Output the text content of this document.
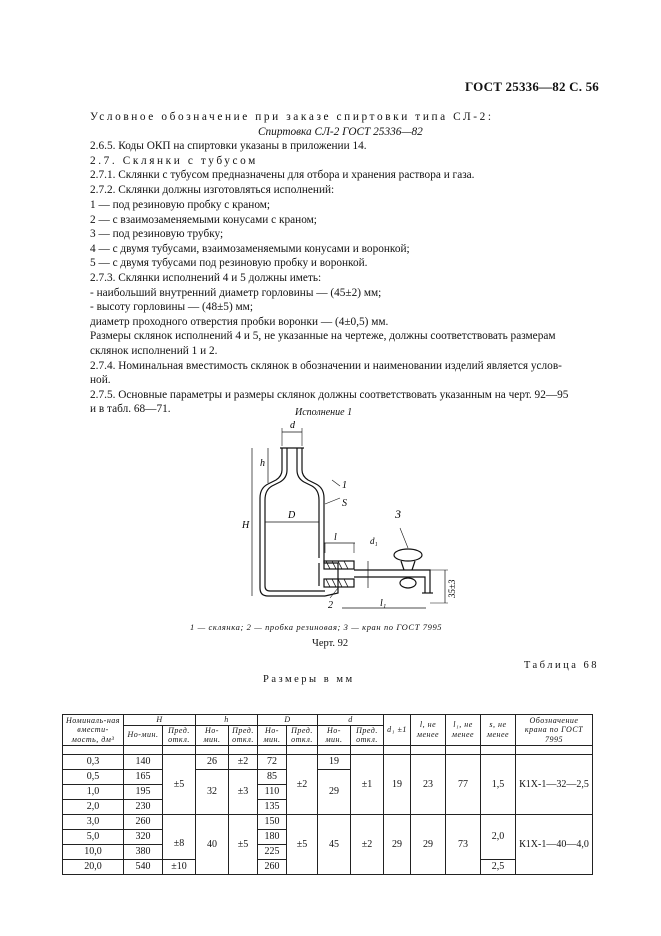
ГОСТ 25336—82 С. 56
Условное обозначение при заказе спиртовки типа СЛ-2:
Спиртовка СЛ-2 ГОСТ 25336—82
2.6.5. Коды ОКП на спиртовки указаны в приложении 14.
2.7. Склянки с тубусом
2.7.1. Склянки с тубусом предназначены для отбора и хранения раствора и газа.
2.7.2. Склянки должны изготовляться исполнений:
1 — под резиновую пробку с краном;
2 — с взаимозаменяемыми конусами с краном;
3 — под резиновую трубку;
4 — с двумя тубусами, взаимозаменяемыми конусами и воронкой;
5 — с двумя тубусами под резиновую пробку и воронкой.
2.7.3. Склянки исполнений 4 и 5 должны иметь:
- наибольший внутренний диаметр горловины — (45±2) мм;
- высоту горловины — (48±5) мм;
диаметр проходного отверстия пробки воронки — (4±0,5) мм.
Размеры склянок исполнений 4 и 5, не указанные на чертеже, должны соответствовать размерам
склянок исполнений 1 и 2.
2.7.4. Номинальная вместимость склянок в обозначении и наименовании изделий является услов-
ной.
2.7.5. Основные параметры и размеры склянок должны соответствовать указанным на черт. 92—95
и в табл. 68—71.	Исполнение 1
d
h
H
D
1
S
d₁
l
3
2	l₁
35±3
1 — склянка; 2 — пробка резиновая; 3 — кран по ГОСТ 7995
Черт. 92
Таблица 68
Размеры в мм
Номиналь-ная вмести-мость, дм³	H		h		D		d		d₁ ±1	l, не менее	l₁, не менее	s, не менее	Обозначение крана по ГОСТ 7995
	Но-мин.	Пред. откл.	Но-мин.	Пред. откл.	Но-мин.	Пред. откл.	Но-мин.	Пред. откл.					

0,3	140	±5	26	±2	72	±2	19	±1	19	23	77	1,5	К1Х-1—32—2,5
0,5	165		32	±3	85		29						
1,0	195				110								
2,0	230				135								
3,0	260		40	±5	150	±5	45	±2	29	29	73	2,0	К1Х-1—40—4,0
5,0	320	±8			180								
10,0	380				225								
20,0	540	±10			260							2,5	
